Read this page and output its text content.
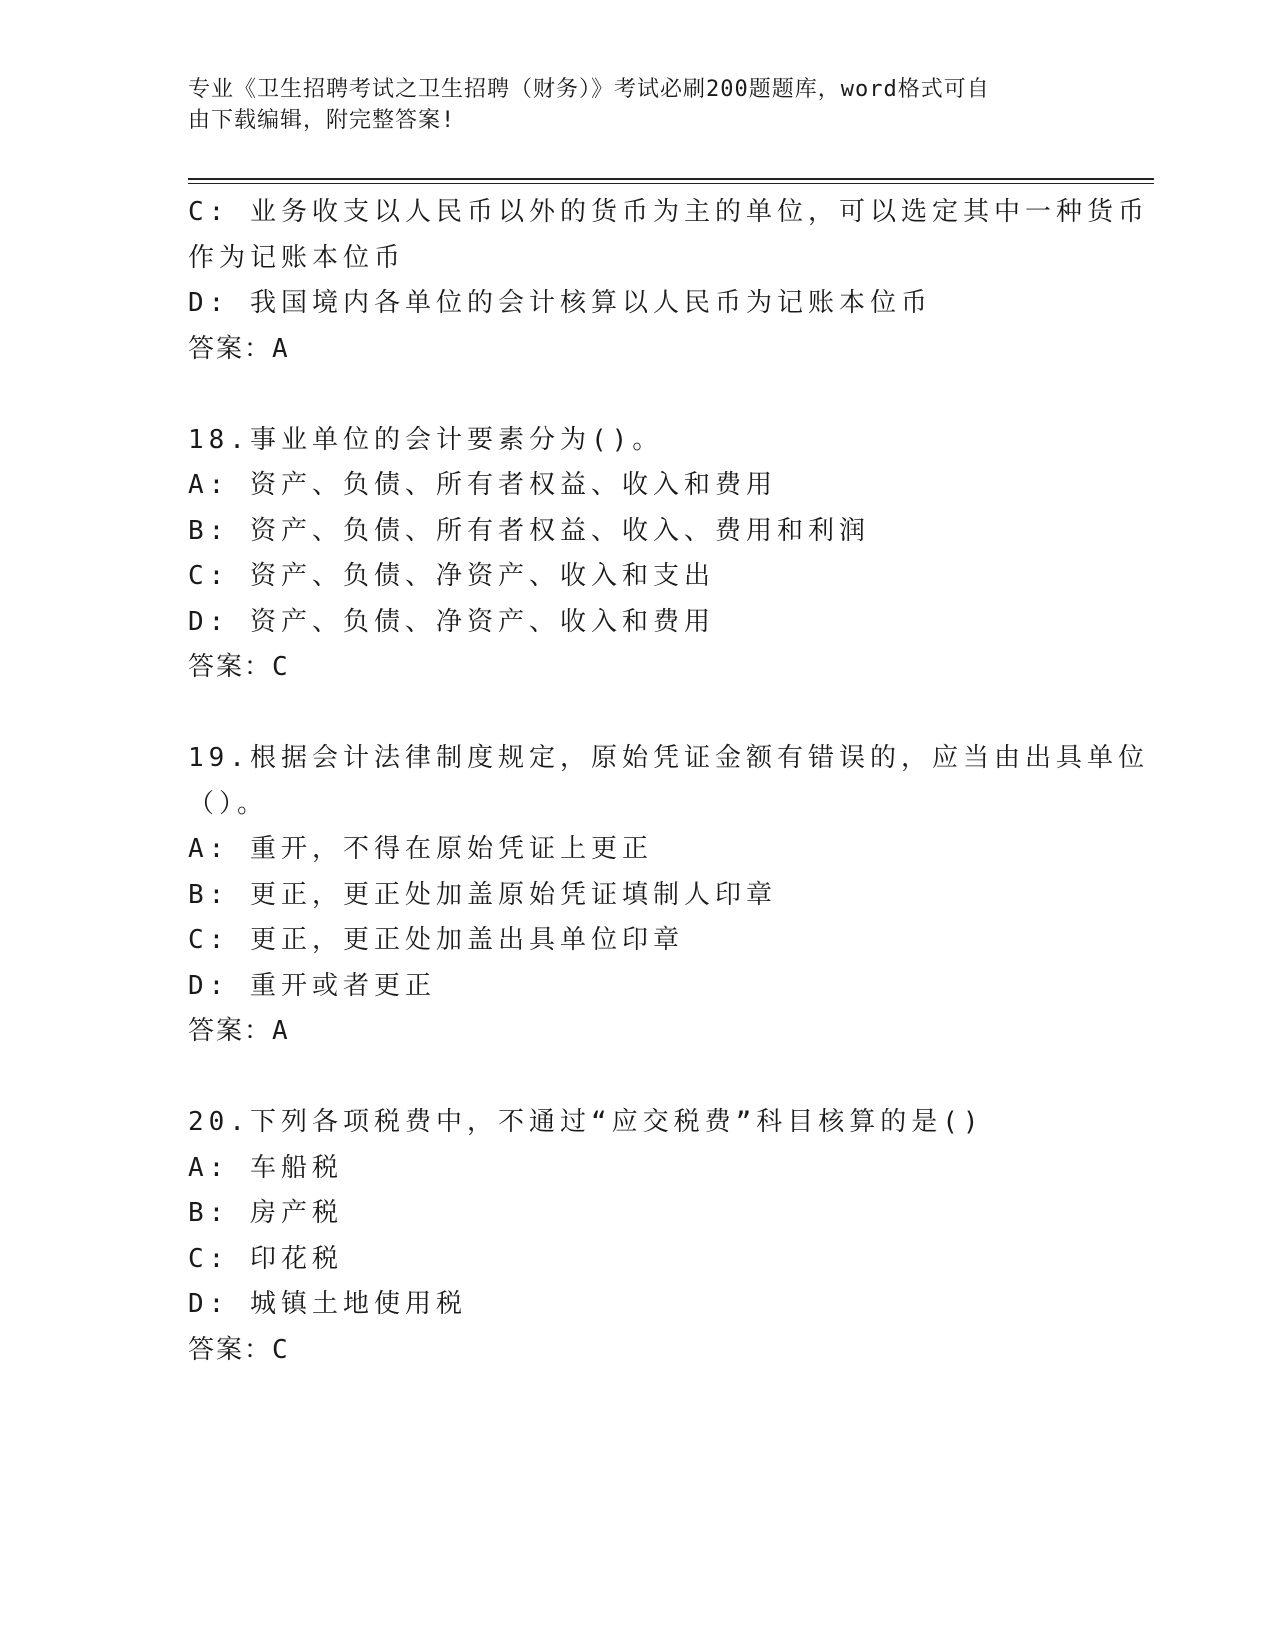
专业《卫生招聘考试之卫生招聘（财务）》考试必刷200题题库，word格式可自
由下载编辑，附完整答案!
C: 业务收支以人民币以外的货币为主的单位，可以选定其中一种货币
作为记账本位币
D: 我国境内各单位的会计核算以人民币为记账本位币
答案：A
18.事业单位的会计要素分为()。
A: 资产、负债、所有者权益、收入和费用
B: 资产、负债、所有者权益、收入、费用和利润
C: 资产、负债、净资产、收入和支出
D: 资产、负债、净资产、收入和费用
答案：C
19.根据会计法律制度规定，原始凭证金额有错误的，应当由出具单位
（）。
A: 重开，不得在原始凭证上更正
B: 更正，更正处加盖原始凭证填制人印章
C: 更正，更正处加盖出具单位印章
D: 重开或者更正
答案：A
20.下列各项税费中，不通过“应交税费”科目核算的是()
A: 车船税
B: 房产税
C: 印花税
D: 城镇土地使用税
答案：C
